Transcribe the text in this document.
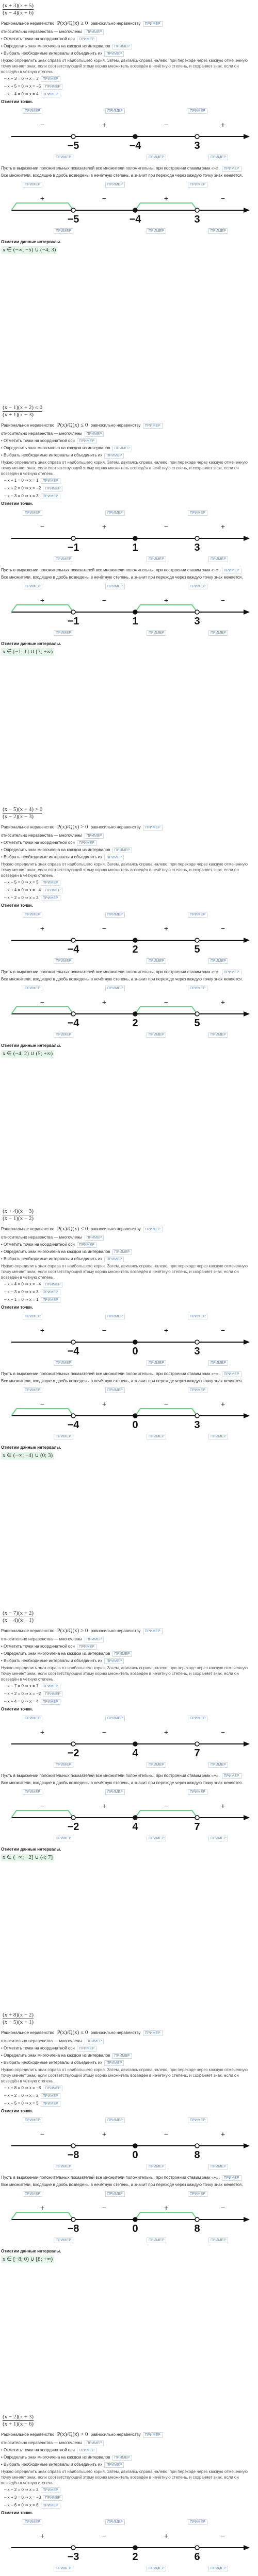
$\frac{(x + 3)(x + 5)}{(x - 4)(x + 6)}$
Рациональное неравенство P(x)/Q(x) ≥ 0 равносильно неравенству ПРИМЕР
относительно неравенства — многочлены ПРИМЕР
• Отметить точки на координатной оси ПРИМЕР
• Определить знак многочлена на каждом из интервалов ПРИМЕР
• Выбрать необходимые интервалы и объединить их ПРИМЕР
Нужно определить знак справа от наибольшего корня. Затем, двигаясь справа налево, при переходе через каждую отмеченную точку меняет знак, если соответствующий этому корню множитель возведён в нечётную степень, и сохраняет знак, если он возведён в чётную степень.
– x − 3 = 0 ⇒ x = 3 ПРИМЕР
– x + 5 = 0 ⇒ x = −5 ПРИМЕР
– x − 4 = 0 ⇒ x = 4 ПРИМЕР
Отметим точки.
−5	−4	3
−	+	−	+
ПРИМЕР	ПРИМЕР	ПРИМЕР
ПРИМЕР	ПРИМЕР	ПРИМЕР
Пусть в выражении положительных показателей все множители положительны; при построении ставим знак «+». ПРИМЕР
Все множители, входящие в дробь возведены в нечётную степень, а значит при переходе через каждую точку знак меняется.
−5	−4	3
+	−	+	−
ПРИМЕР	ПРИМЕР	ПРИМЕР
ПРИМЕР	ПРИМЕР	ПРИМЕР
Отметим данные интервалы.
x ∈ (−∞; −5) ∪ (−4; 3)
$\frac{(x - 1)(x + 2) \le 0}{(x + 1)(x - 3)}$
Рациональное неравенство P(x)/Q(x) ≤ 0 равносильно неравенству ПРИМЕР
относительно неравенства — многочлены ПРИМЕР
• Отметить точки на координатной оси ПРИМЕР
• Определить знак многочлена на каждом из интервалов ПРИМЕР
• Выбрать необходимые интервалы и объединить их ПРИМЕР
Нужно определить знак справа от наибольшего корня. Затем, двигаясь справа налево, при переходе через каждую отмеченную точку меняет знак, если соответствующий этому корню множитель возведён в нечётную степень, и сохраняет знак, если он возведён в чётную степень.
– x − 1 = 0 ⇒ x = 1 ПРИМЕР
– x + 2 = 0 ⇒ x = −2 ПРИМЕР
– x − 3 = 0 ⇒ x = 3 ПРИМЕР
Отметим точки.
−1	1	3
−	+	−	+
ПРИМЕР	ПРИМЕР	ПРИМЕР
ПРИМЕР	ПРИМЕР	ПРИМЕР
Пусть в выражении положительных показателей все множители положительны; при построении ставим знак «+». ПРИМЕР
Все множители, входящие в дробь возведены в нечётную степень, а значит при переходе через каждую точку знак меняется.
−1	1	3
+	−	+	−
ПРИМЕР	ПРИМЕР	ПРИМЕР
ПРИМЕР	ПРИМЕР	ПРИМЕР
Отметим данные интервалы.
x ∈ [−1; 1] ∪ [3; +∞)
$\frac{(x - 5)(x + 4) > 0}{(x - 2)(x - 3)}$
Рациональное неравенство P(x)/Q(x) > 0 равносильно неравенству ПРИМЕР
относительно неравенства — многочлены ПРИМЕР
• Отметить точки на координатной оси ПРИМЕР
• Определить знак многочлена на каждом из интервалов ПРИМЕР
• Выбрать необходимые интервалы и объединить их ПРИМЕР
Нужно определить знак справа от наибольшего корня. Затем, двигаясь справа налево, при переходе через каждую отмеченную точку меняет знак, если соответствующий этому корню множитель возведён в нечётную степень, и сохраняет знак, если он возведён в чётную степень.
– x − 5 = 0 ⇒ x = 5 ПРИМЕР
– x + 4 = 0 ⇒ x = −4 ПРИМЕР
– x − 2 = 0 ⇒ x = 2 ПРИМЕР
Отметим точки.
−4	2	5
+	−	+	−
ПРИМЕР	ПРИМЕР	ПРИМЕР
ПРИМЕР	ПРИМЕР	ПРИМЕР
Пусть в выражении положительных показателей все множители положительны; при построении ставим знак «+». ПРИМЕР
Все множители, входящие в дробь возведены в нечётную степень, а значит при переходе через каждую точку знак меняется.
−4	2	5
−	+	−	+
ПРИМЕР	ПРИМЕР	ПРИМЕР
ПРИМЕР	ПРИМЕР	ПРИМЕР
Отметим данные интервалы.
x ∈ (−4; 2) ∪ (5; +∞)
$\frac{(x + 4)(x - 3)}{(x - 1)(x - 2)}$
Рациональное неравенство P(x)/Q(x) < 0 равносильно неравенству ПРИМЕР
относительно неравенства — многочлены ПРИМЕР
• Отметить точки на координатной оси ПРИМЕР
• Определить знак многочлена на каждом из интервалов ПРИМЕР
• Выбрать необходимые интервалы и объединить их ПРИМЕР
Нужно определить знак справа от наибольшего корня. Затем, двигаясь справа налево, при переходе через каждую отмеченную точку меняет знак, если соответствующий этому корню множитель возведён в нечётную степень, и сохраняет знак, если он возведён в чётную степень.
– x + 4 = 0 ⇒ x = −4 ПРИМЕР
– x − 3 = 0 ⇒ x = 3 ПРИМЕР
– x − 1 = 0 ⇒ x = 1 ПРИМЕР
Отметим точки.
−4	0	3
+	−	+	−
ПРИМЕР	ПРИМЕР	ПРИМЕР
ПРИМЕР	ПРИМЕР	ПРИМЕР
Пусть в выражении положительных показателей все множители положительны; при построении ставим знак «+». ПРИМЕР
Все множители, входящие в дробь возведены в нечётную степень, а значит при переходе через каждую точку знак меняется.
−4	0	3
−	+	−	+
ПРИМЕР	ПРИМЕР	ПРИМЕР
ПРИМЕР	ПРИМЕР	ПРИМЕР
Отметим данные интервалы.
x ∈ (−∞; −4) ∪ (0; 3)
$\frac{(x - 7)(x + 2)}{(x - 4)(x - 1)}$
Рациональное неравенство P(x)/Q(x) ≥ 0 равносильно неравенству ПРИМЕР
относительно неравенства — многочлены ПРИМЕР
• Отметить точки на координатной оси ПРИМЕР
• Определить знак многочлена на каждом из интервалов ПРИМЕР
• Выбрать необходимые интервалы и объединить их ПРИМЕР
Нужно определить знак справа от наибольшего корня. Затем, двигаясь справа налево, при переходе через каждую отмеченную точку меняет знак, если соответствующий этому корню множитель возведён в нечётную степень, и сохраняет знак, если он возведён в чётную степень.
– x − 7 = 0 ⇒ x = 7 ПРИМЕР
– x + 2 = 0 ⇒ x = −2 ПРИМЕР
– x − 4 = 0 ⇒ x = 4 ПРИМЕР
Отметим точки.
−2	4	7
+	−	+	−
ПРИМЕР	ПРИМЕР	ПРИМЕР
ПРИМЕР	ПРИМЕР	ПРИМЕР
Пусть в выражении положительных показателей все множители положительны; при построении ставим знак «+». ПРИМЕР
Все множители, входящие в дробь возведены в нечётную степень, а значит при переходе через каждую точку знак меняется.
−2	4	7
−	+	−	+
ПРИМЕР	ПРИМЕР	ПРИМЕР
ПРИМЕР	ПРИМЕР	ПРИМЕР
Отметим данные интервалы.
x ∈ (−∞; −2] ∪ (4; 7]
$\frac{(x + 8)(x - 2)}{(x - 5)(x + 1)}$
Рациональное неравенство P(x)/Q(x) ≤ 0 равносильно неравенству ПРИМЕР
относительно неравенства — многочлены ПРИМЕР
• Отметить точки на координатной оси ПРИМЕР
• Определить знак многочлена на каждом из интервалов ПРИМЕР
• Выбрать необходимые интервалы и объединить их ПРИМЕР
Нужно определить знак справа от наибольшего корня. Затем, двигаясь справа налево, при переходе через каждую отмеченную точку меняет знак, если соответствующий этому корню множитель возведён в нечётную степень, и сохраняет знак, если он возведён в чётную степень.
– x + 8 = 0 ⇒ x = −8 ПРИМЕР
– x − 2 = 0 ⇒ x = 2 ПРИМЕР
– x − 5 = 0 ⇒ x = 5 ПРИМЕР
Отметим точки.
−8	0	8
−	+	−	+
ПРИМЕР	ПРИМЕР	ПРИМЕР
ПРИМЕР	ПРИМЕР	ПРИМЕР
Пусть в выражении положительных показателей все множители положительны; при построении ставим знак «+». ПРИМЕР
Все множители, входящие в дробь возведены в нечётную степень, а значит при переходе через каждую точку знак меняется.
−8	0	8
+	−	+	−
ПРИМЕР	ПРИМЕР	ПРИМЕР
ПРИМЕР	ПРИМЕР	ПРИМЕР
Отметим данные интервалы.
x ∈ [−8; 0) ∪ [8; +∞)
$\frac{(x - 2)(x + 3)}{(x + 1)(x - 6)}$
Рациональное неравенство P(x)/Q(x) > 0 равносильно неравенству ПРИМЕР
относительно неравенства — многочлены ПРИМЕР
• Отметить точки на координатной оси ПРИМЕР
• Определить знак многочлена на каждом из интервалов ПРИМЕР
• Выбрать необходимые интервалы и объединить их ПРИМЕР
Нужно определить знак справа от наибольшего корня. Затем, двигаясь справа налево, при переходе через каждую отмеченную точку меняет знак, если соответствующий этому корню множитель возведён в нечётную степень, и сохраняет знак, если он возведён в чётную степень.
– x − 2 = 0 ⇒ x = 2 ПРИМЕР
– x + 3 = 0 ⇒ x = −3 ПРИМЕР
– x − 6 = 0 ⇒ x = 6 ПРИМЕР
Отметим точки.
−3	2	6
+	−	+	−
ПРИМЕР	ПРИМЕР	ПРИМЕР
ПРИМЕР	ПРИМЕР	ПРИМЕР
